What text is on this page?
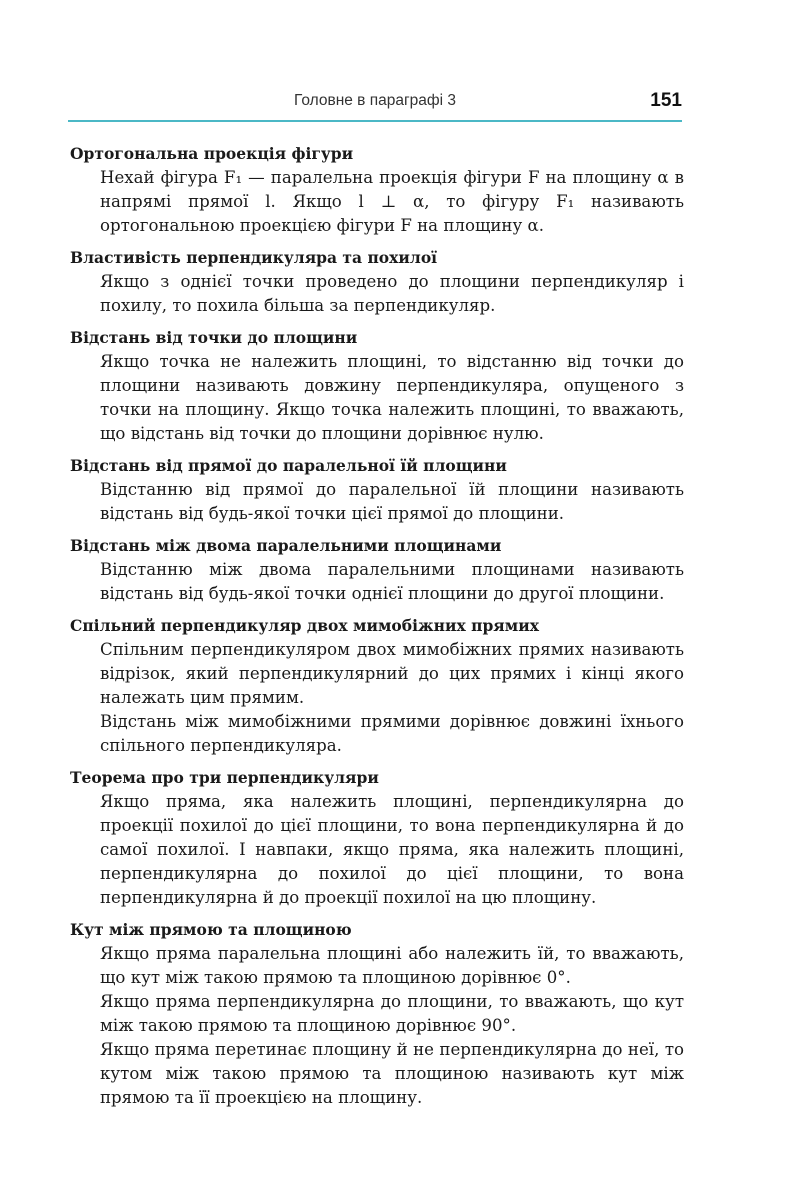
Головне в параграфі 3	151

Ортогональна проекція фігури

Нехай фігура F₁ — паралельна проекція фігури F на площину α в напрямі прямої l. Якщо l ⊥ α, то фігуру F₁ називають ортогональною проекцією фігури F на площину α.

Властивість перпендикуляра та похилої

Якщо з однієї точки проведено до площини перпендикуляр і похилу, то похила більша за перпендикуляр.

Відстань від точки до площини

Якщо точка не належить площині, то відстанню від точки до площини називають довжину перпендикуляра, опущеного з точки на площину. Якщо точка належить площині, то вважають, що відстань від точки до площини дорівнює нулю.

Відстань від прямої до паралельної їй площини

Відстанню від прямої до паралельної їй площини називають відстань від будь-якої точки цієї прямої до площини.

Відстань між двома паралельними площинами

Відстанню між двома паралельними площинами називають відстань від будь-якої точки однієї площини до другої площини.

Спільний перпендикуляр двох мимобіжних прямих

Спільним перпендикуляром двох мимобіжних прямих називають відрізок, який перпендикулярний до цих прямих і кінці якого належать цим прямим.

Відстань між мимобіжними прямими дорівнює довжині їхнього спільного перпендикуляра.

Теорема про три перпендикуляри

Якщо пряма, яка належить площині, перпендикулярна до проекції похилої до цієї площини, то вона перпендикулярна й до самої похилої. І навпаки, якщо пряма, яка належить площині, перпендикулярна до похилої до цієї площини, то вона перпендикулярна й до проекції похилої на цю площину.

Кут між прямою та площиною

Якщо пряма паралельна площині або належить їй, то вважають, що кут між такою прямою та площиною дорівнює 0°.

Якщо пряма перпендикулярна до площини, то вважають, що кут між такою прямою та площиною дорівнює 90°.

Якщо пряма перетинає площину й не перпендикулярна до неї, то кутом між такою прямою та площиною називають кут між прямою та її проекцією на площину.
